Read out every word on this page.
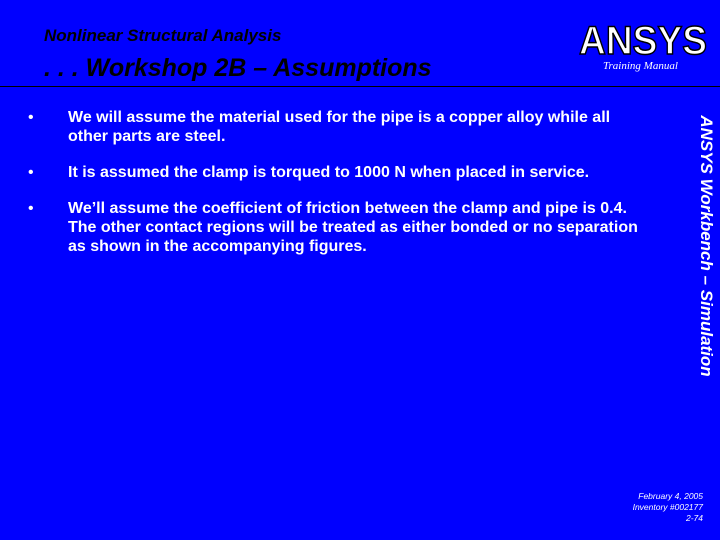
Nonlinear Structural Analysis
. . . Workshop 2B – Assumptions
ANSYS
Training Manual
•	We will assume the material used for the pipe is a copper alloy while all other parts are steel.
•	It is assumed the clamp is torqued to 1000 N when placed in service.
•	We’ll assume the coefficient of friction between the clamp and pipe is 0.4. The other contact regions will be treated as either bonded or no separation as shown in the accompanying figures.	ANSYS Workbench – Simulation
February 4, 2005
Inventory #002177
2-74
